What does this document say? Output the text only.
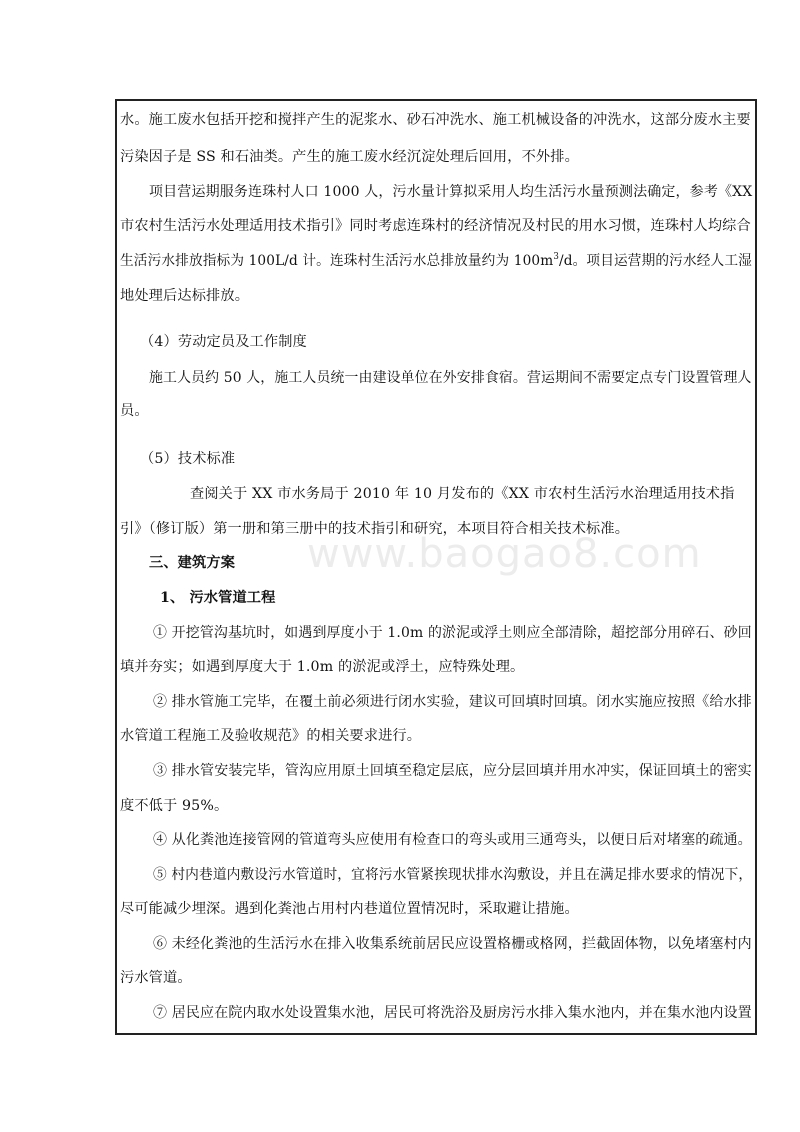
www.baogao8.com

水。施工废水包括开挖和搅拌产生的泥浆水、砂石冲洗水、施工机械设备的冲洗水，这部分废水主要

污染因子是 SS 和石油类。产生的施工废水经沉淀处理后回用，不外排。

项目营运期服务连珠村人口 1000 人，污水量计算拟采用人均生活污水量预测法确定，参考《XX

市农村生活污水处理适用技术指引》同时考虑连珠村的经济情况及村民的用水习惯，连珠村人均综合

生活污水排放指标为 100L/d 计。连珠村生活污水总排放量约为 $100m^3/d$。项目运营期的污水经人工湿

地处理后达标排放。

（4）劳动定员及工作制度

施工人员约 50 人，施工人员统一由建设单位在外安排食宿。营运期间不需要定点专门设置管理人

员。

（5）技术标准

查阅关于 XX 市水务局于 2010 年 10 月发布的《XX 市农村生活污水治理适用技术指

引》（修订版）第一册和第三册中的技术指引和研究，本项目符合相关技术标准。

三、建筑方案

1、 污水管道工程

① 开挖管沟基坑时，如遇到厚度小于 1.0m 的淤泥或浮土则应全部清除，超挖部分用碎石、砂回

填并夯实；如遇到厚度大于 1.0m 的淤泥或浮土，应特殊处理。

② 排水管施工完毕，在覆土前必须进行闭水实验，建议可回填时回填。闭水实施应按照《给水排

水管道工程施工及验收规范》的相关要求进行。

③ 排水管安装完毕，管沟应用原土回填至稳定层底，应分层回填并用水冲实，保证回填土的密实

度不低于 95%。

④ 从化粪池连接管网的管道弯头应使用有检查口的弯头或用三通弯头，以便日后对堵塞的疏通。

⑤ 村内巷道内敷设污水管道时，宜将污水管紧挨现状排水沟敷设，并且在满足排水要求的情况下，

尽可能减少埋深。遇到化粪池占用村内巷道位置情况时，采取避让措施。

⑥ 未经化粪池的生活污水在排入收集系统前居民应设置格栅或格网，拦截固体物，以免堵塞村内

污水管道。

⑦ 居民应在院内取水处设置集水池，居民可将洗浴及厨房污水排入集水池内，并在集水池内设置
